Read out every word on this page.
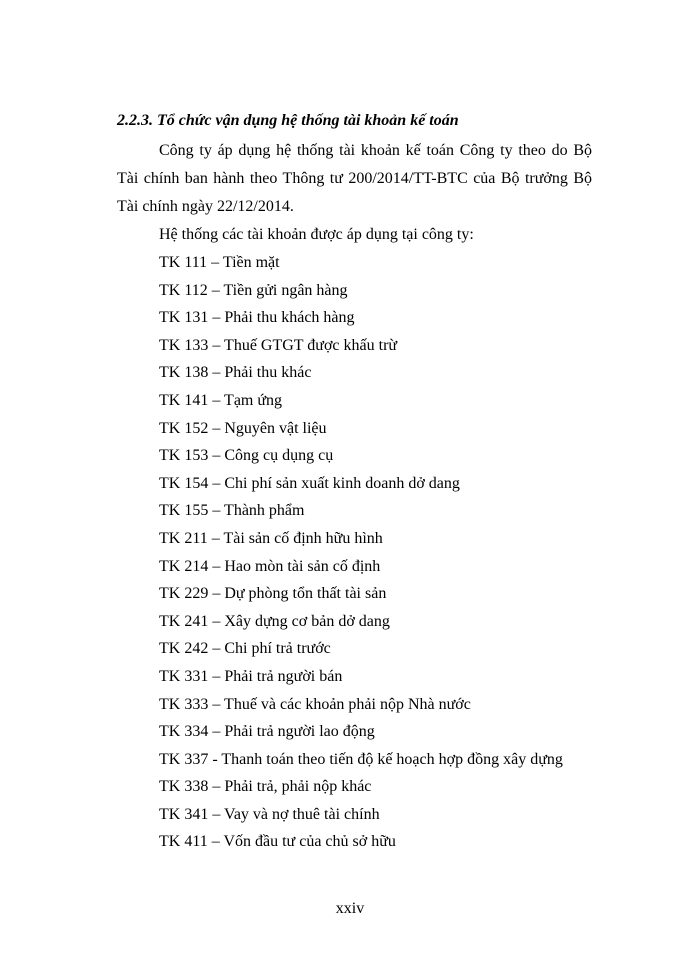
2.2.3. Tổ chức vận dụng hệ thống tài khoản kế toán

Công ty áp dụng hệ thống tài khoản kế toán Công ty theo do Bộ Tài chính ban hành theo Thông tư 200/2014/TT-BTC của Bộ trưởng Bộ Tài chính ngày 22/12/2014.

Hệ thống các tài khoản được áp dụng tại công ty:
TK 111 – Tiền mặt
TK 112 – Tiền gửi ngân hàng
TK 131 – Phải thu khách hàng
TK 133 – Thuế GTGT được khấu trừ
TK 138 – Phải thu khác
TK 141 – Tạm ứng
TK 152 – Nguyên vật liệu
TK 153 – Công cụ dụng cụ
TK 154 – Chi phí sản xuất kinh doanh dở dang
TK 155 – Thành phẩm
TK 211 – Tài sản cố định hữu hình
TK 214 – Hao mòn tài sản cố định
TK 229 – Dự phòng tổn thất tài sản
TK 241 – Xây dựng cơ bản dở dang
TK 242 – Chi phí trả trước
TK 331 – Phải trả người bán
TK 333 – Thuế và các khoản phải nộp Nhà nước
TK 334 – Phải trả người lao động
TK 337 - Thanh toán theo tiến độ kế hoạch hợp đồng xây dựng
TK 338 – Phải trả, phải nộp khác
TK 341 – Vay và nợ thuê tài chính
TK 411 – Vốn đầu tư của chủ sở hữu
xxiv
